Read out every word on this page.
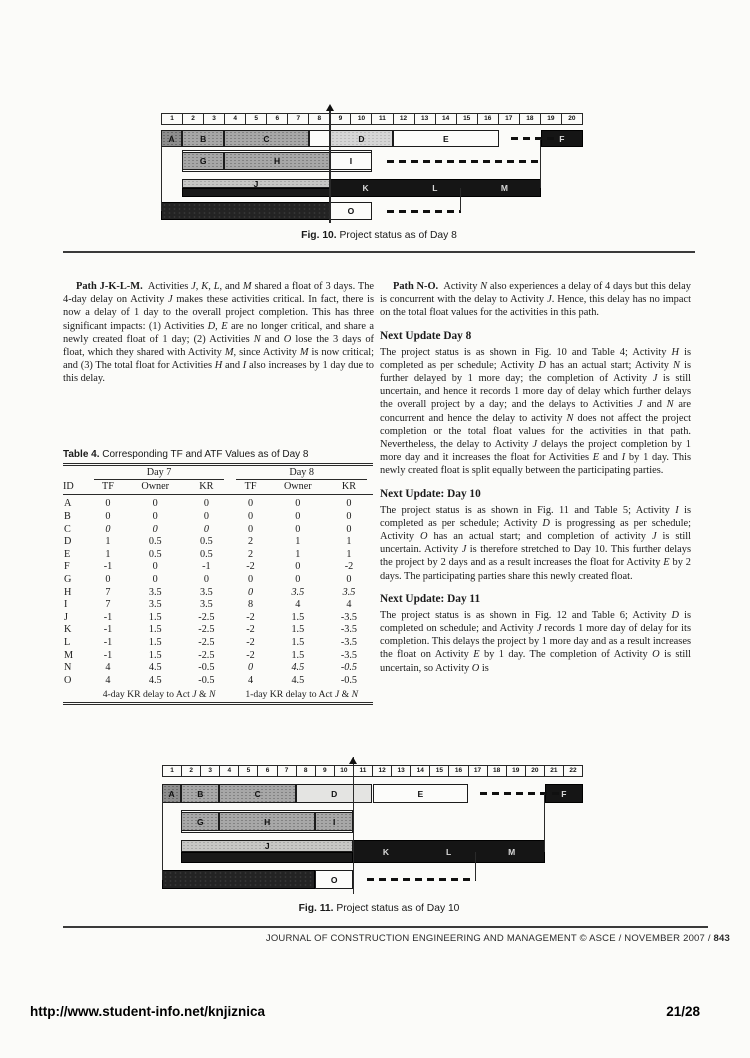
1	2	3	4	5	6	7	8	9	10	11	12	13	14	15	16	17	18	19	20
A	B	C	D	E	F
G	H	I
J	K	L	M
O
Fig. 10. Project status as of Day 8

Path J-K-L-M. Activities J, K, L, and M shared a float of 3 days. The 4-day delay on Activity J makes these activities critical. In fact, there is now a delay of 1 day to the overall project completion. This has three significant impacts: (1) Activities D, E are no longer critical, and share a newly created float of 1 day; (2) Activities N and O lose the 3 days of float, which they shared with Activity M, since Activity M is now critical; and (3) The total float for Activities H and I also increases by 1 day due to this delay.

Path N-O. Activity N also experiences a delay of 4 days but this delay is concurrent with the delay to Activity J. Hence, this delay has no impact on the total float values for the activities in this path.

Next Update Day 8

The project status is as shown in Fig. 10 and Table 4; Activity H is completed as per schedule; Activity D has an actual start; Activity N is further delayed by 1 more day; the completion of Activity J is still uncertain, and hence it records 1 more day of delay which further delays the overall project by a day; and the delays to Activities J and N are concurrent and hence the delay to activity N does not affect the project completion or the total float values for the activities in that path. Nevertheless, the delay to Activity J delays the project completion by 1 more day and it increases the float for Activities E and I by 1 day. This newly created float is split equally between the participating parties.

Next Update: Day 10

The project status is as shown in Fig. 11 and Table 5; Activity I is completed as per schedule; Activity D is progressing as per schedule; Activity O has an actual start; and completion of activity J is still uncertain. Activity J is therefore stretched to Day 10. This further delays the project by 2 days and as a result increases the float for Activity E by 2 days. The participating parties share this newly created float.

Next Update: Day 11

The project status is as shown in Fig. 12 and Table 6; Activity D is completed on schedule; and Activity J records 1 more day of delay for its completion. This delays the project by 1 more day and as a result increases the float on Activity E by 1 day. The completion of Activity O is still uncertain, so Activity O is

Table 4. Corresponding TF and ATF Values as of Day 8

	Day 7			Day 8		

ID	TF	Owner	KR	TF	Owner	KR
A	0	0	0	0	0	0
B	0	0	0	0	0	0
C	0	0	0	0	0	0
D	1	0.5	0.5	2	1	1
E	1	0.5	0.5	2	1	1
F	-1	0	-1	-2	0	-2
G	0	0	0	0	0	0
H	7	3.5	3.5	0	3.5	3.5
I	7	3.5	3.5	8	4	4
J	-1	1.5	-2.5	-2	1.5	-3.5
K	-1	1.5	-2.5	-2	1.5	-3.5
L	-1	1.5	-2.5	-2	1.5	-3.5
M	-1	1.5	-2.5	-2	1.5	-3.5
N	4	4.5	-0.5	0	4.5	-0.5
O	4	4.5	-0.5	4	4.5	-0.5
	4-day KR delay to Act J & N			1-day KR delay to Act J & N		
1	2	3	4	5	6	7	8	9	10	11	12	13	14	15	16	17	18	19	20	21	22
A	B	C	D	E	F
G	H	I
J
K	L	M
O
Fig. 11. Project status as of Day 10
JOURNAL OF CONSTRUCTION ENGINEERING AND MANAGEMENT © ASCE / NOVEMBER 2007 / 843
http://www.student-info.net/knjiznica	21/28
